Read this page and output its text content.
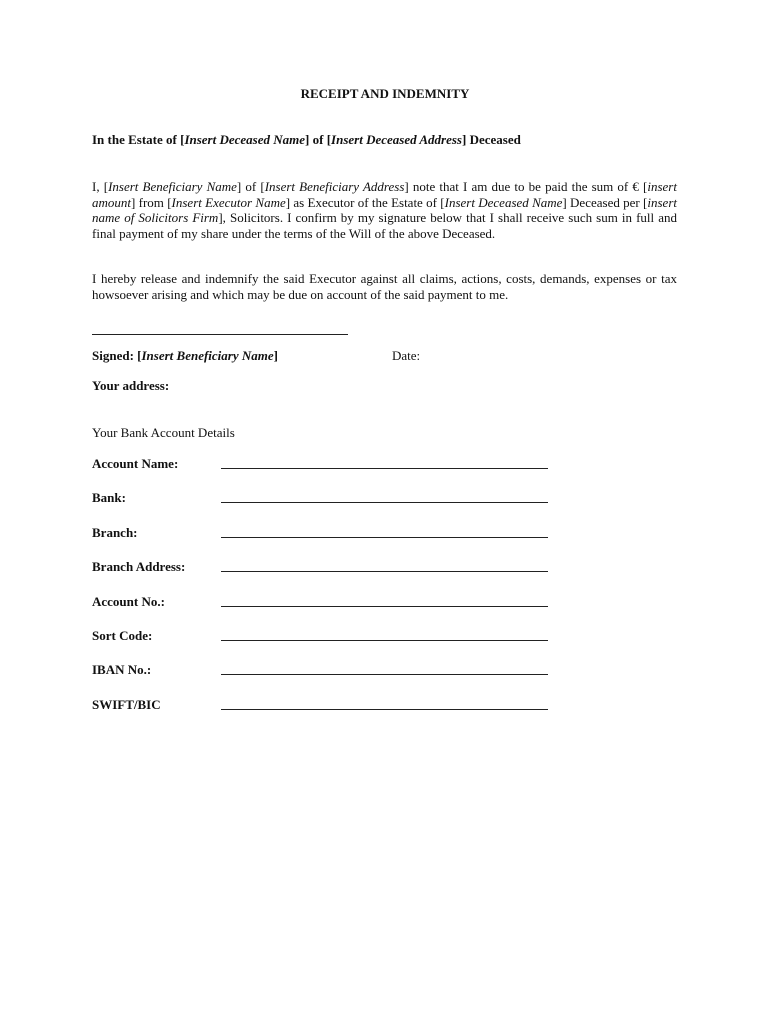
RECEIPT AND INDEMNITY
In the Estate of [Insert Deceased Name] of [Insert Deceased Address] Deceased
I, [Insert Beneficiary Name] of [Insert Beneficiary Address] note that I am due to be paid the sum of € [insert amount] from [Insert Executor Name] as Executor of the Estate of [Insert Deceased Name] Deceased per [insert name of Solicitors Firm], Solicitors. I confirm by my signature below that I shall receive such sum in full and final payment of my share under the terms of the Will of the above Deceased.
I hereby release and indemnify the said Executor against all claims, actions, costs, demands, expenses or tax howsoever arising and which may be due on account of the said payment to me.
Signed: [Insert Beneficiary Name]	Date:
Your address:
Your Bank Account Details
Account Name:
Bank:
Branch:
Branch Address:
Account No.:
Sort Code:
IBAN No.:
SWIFT/BIC
